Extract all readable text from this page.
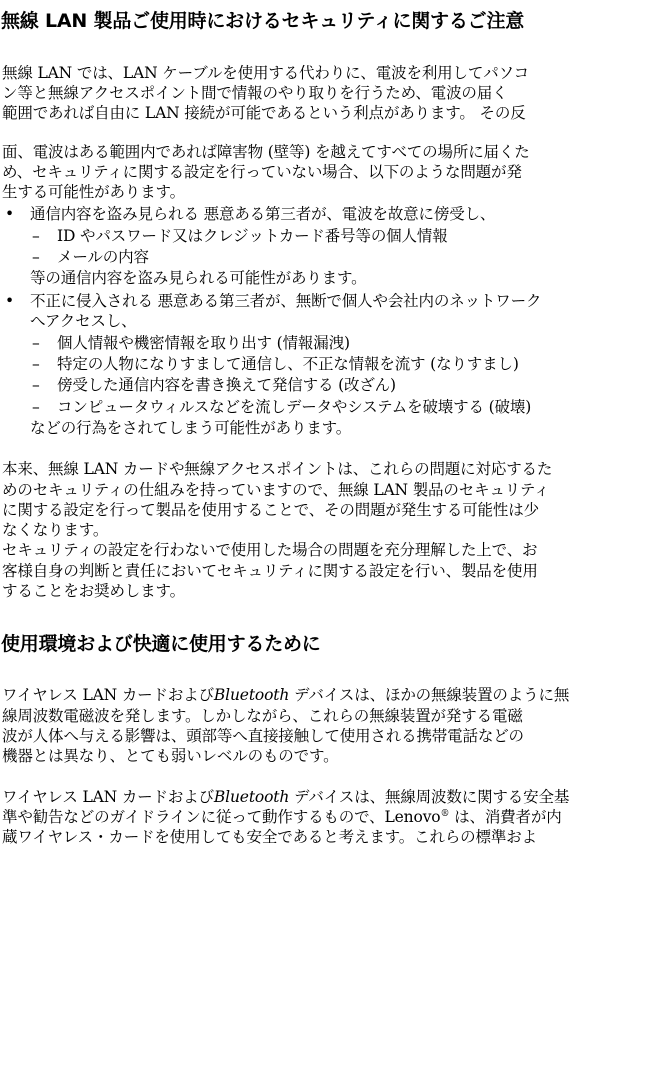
無線 LAN 製品ご使用時におけるセキュリティに関するご注意

無線 LAN では、LAN ケーブルを使用する代わりに、電波を利用してパソコ

ン等と無線アクセスポイント間で情報のやり取りを行うため、電波の届く

範囲であれば自由に LAN 接続が可能であるという利点があります。 その反

面、電波はある範囲内であれば障害物 (壁等) を越えてすべての場所に届くた

め、セキュリティに関する設定を行っていない場合、以下のような問題が発

生する可能性があります。

• 通信内容を盗み見られる 悪意ある第三者が、電波を故意に傍受し、

– ID やパスワード又はクレジットカード番号等の個人情報

– メールの内容

等の通信内容を盗み見られる可能性があります。

• 不正に侵入される 悪意ある第三者が、無断で個人や会社内のネットワーク

へアクセスし、

– 個人情報や機密情報を取り出す (情報漏洩)

– 特定の人物になりすまして通信し、不正な情報を流す (なりすまし)

– 傍受した通信内容を書き換えて発信する (改ざん)

– コンピュータウィルスなどを流しデータやシステムを破壊する (破壊)

などの行為をされてしまう可能性があります。

本来、無線 LAN カードや無線アクセスポイントは、これらの問題に対応するた

めのセキュリティの仕組みを持っていますので、無線 LAN 製品のセキュリティ

に関する設定を行って製品を使用することで、その問題が発生する可能性は少

なくなります。

セキュリティの設定を行わないで使用した場合の問題を充分理解した上で、お

客様自身の判断と責任においてセキュリティに関する設定を行い、製品を使用

することをお奨めします。

使用環境および快適に使用するために

ワイヤレス LAN カードおよびBluetooth デバイスは、ほかの無線装置のように無

線周波数電磁波を発します。しかしながら、これらの無線装置が発する電磁

波が人体へ与える影響は、頭部等へ直接接触して使用される携帯電話などの

機器とは異なり、とても弱いレベルのものです。

ワイヤレス LAN カードおよびBluetooth デバイスは、無線周波数に関する安全基

準や勧告などのガイドラインに従って動作するもので、Lenovo® は、消費者が内

蔵ワイヤレス・カードを使用しても安全であると考えます。これらの標準およ
